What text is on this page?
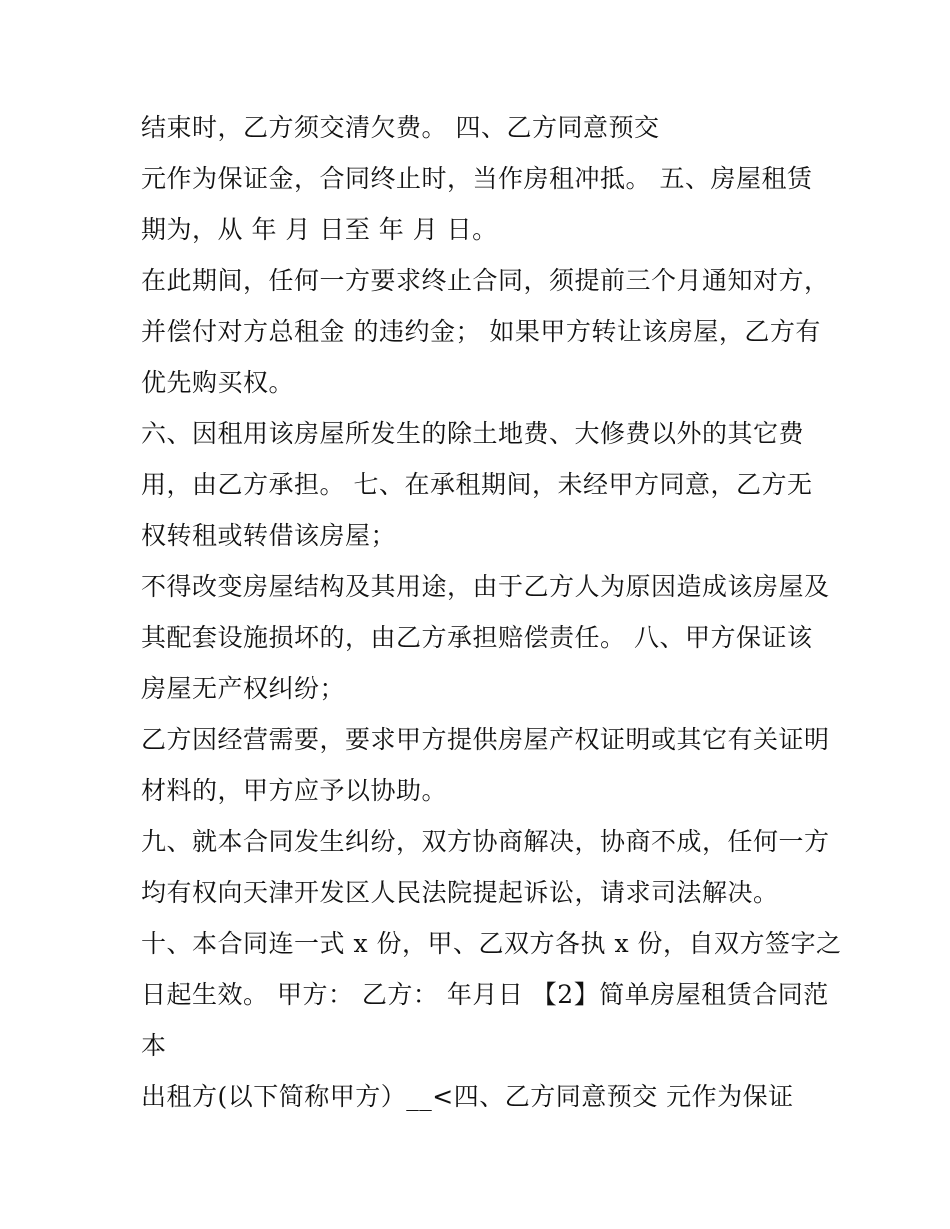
结束时，乙方须交清欠费。 四、乙方同意预交
元作为保证金，合同终止时，当作房租冲抵。 五、房屋租赁
期为，从 年 月 日至 年 月 日。
在此期间，任何一方要求终止合同，须提前三个月通知对方，
并偿付对方总租金 的违约金； 如果甲方转让该房屋，乙方有
优先购买权。
六、因租用该房屋所发生的除土地费、大修费以外的其它费
用，由乙方承担。 七、在承租期间，未经甲方同意，乙方无
权转租或转借该房屋；
不得改变房屋结构及其用途，由于乙方人为原因造成该房屋及
其配套设施损坏的，由乙方承担赔偿责任。 八、甲方保证该
房屋无产权纠纷；
乙方因经营需要，要求甲方提供房屋产权证明或其它有关证明
材料的，甲方应予以协助。
九、就本合同发生纠纷，双方协商解决，协商不成，任何一方
均有权向天津开发区人民法院提起诉讼，请求司法解决。
十、本合同连一式 x 份，甲、乙双方各执 x 份，自双方签字之
日起生效。 甲方： 乙方： 年月日 【2】简单房屋租赁合同范
本
出租方(以下简称甲方）__<四、乙方同意预交 元作为保证
